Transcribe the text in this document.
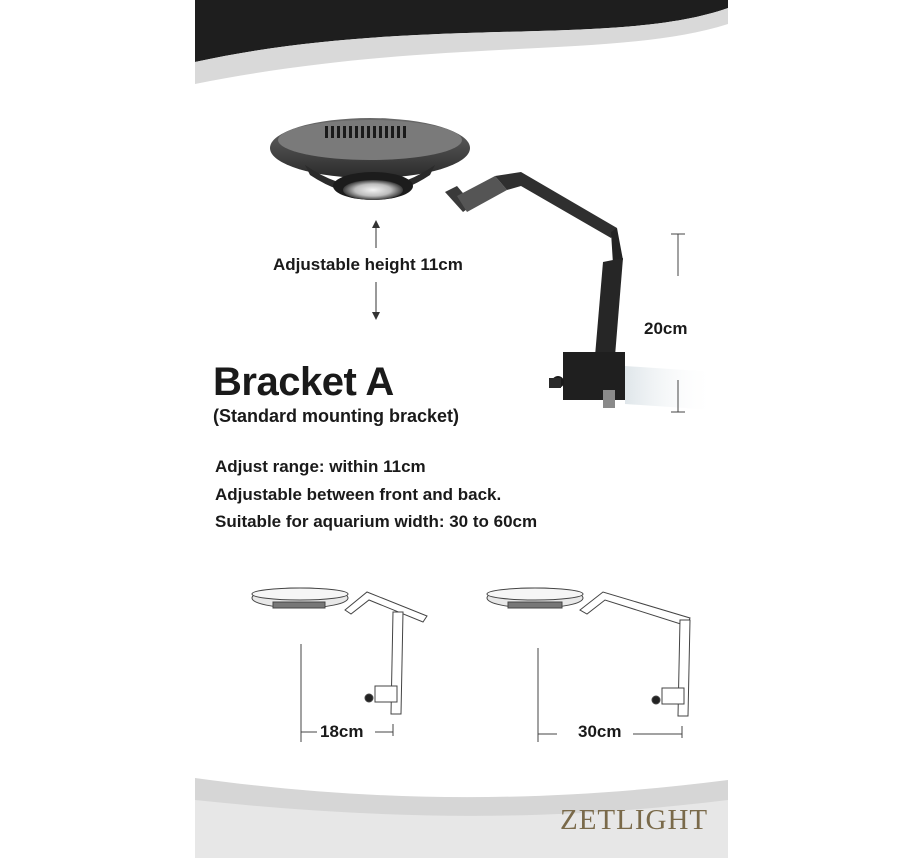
Adjustable height 11cm
20cm
Bracket A
(Standard mounting bracket)
Adjust range: within 11cm
Adjustable between front and back.
Suitable for aquarium width: 30 to 60cm
18cm	30cm
ZETLIGHT
